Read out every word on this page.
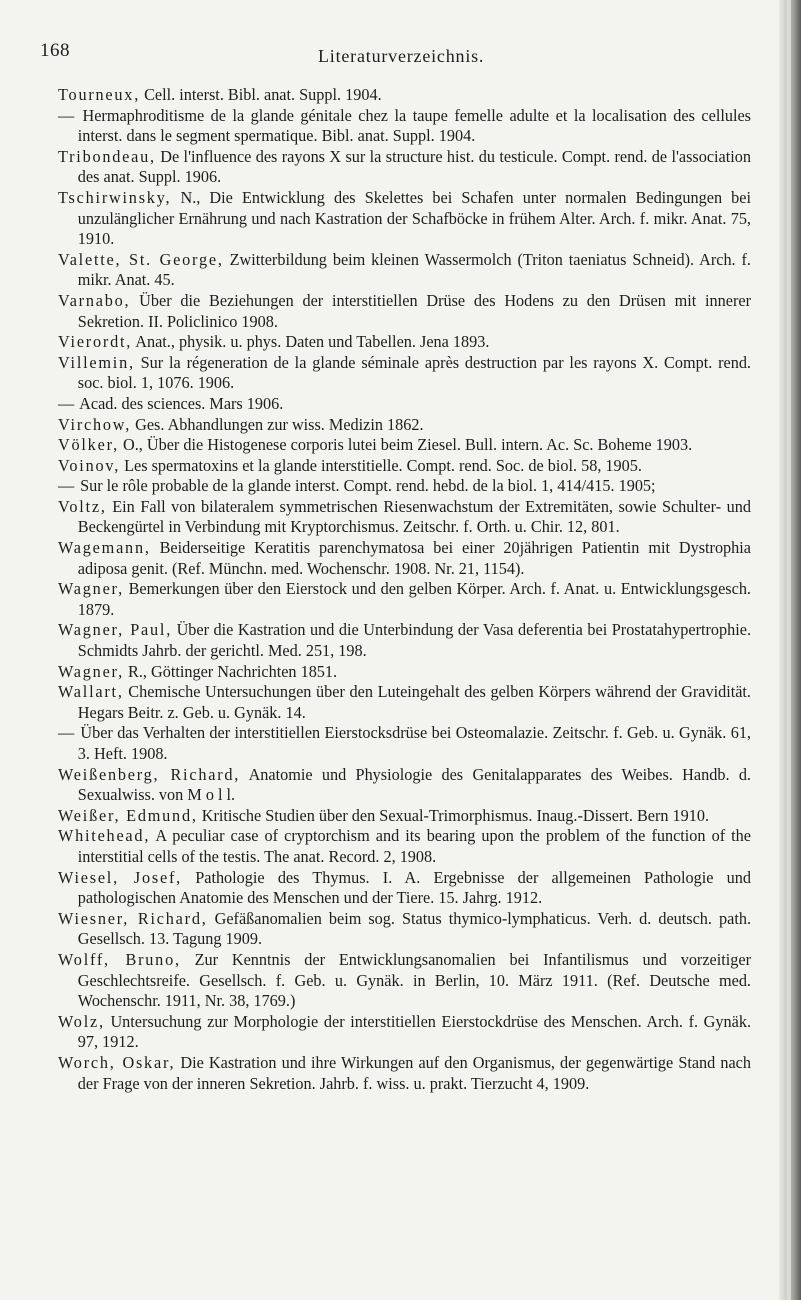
168	Literaturverzeichnis.

Tourneux, Cell. interst. Bibl. anat. Suppl. 1904.

— Hermaphroditisme de la glande génitale chez la taupe femelle adulte et la localisation des cellules interst. dans le segment spermatique. Bibl. anat. Suppl. 1904.

Tribondeau, De l'influence des rayons X sur la structure hist. du testicule. Compt. rend. de l'association des anat. Suppl. 1906.

Tschirwinsky, N., Die Entwicklung des Skelettes bei Schafen unter normalen Bedingungen bei unzulänglicher Ernährung und nach Kastration der Schafböcke in frühem Alter. Arch. f. mikr. Anat. 75, 1910.

Valette, St. George, Zwitterbildung beim kleinen Wassermolch (Triton taeniatus Schneid). Arch. f. mikr. Anat. 45.

Varnabo, Über die Beziehungen der interstitiellen Drüse des Hodens zu den Drüsen mit innerer Sekretion. II. Policlinico 1908.

Vierordt, Anat., physik. u. phys. Daten und Tabellen. Jena 1893.

Villemin, Sur la régeneration de la glande séminale après destruction par les rayons X. Compt. rend. soc. biol. 1, 1076. 1906.

— Acad. des sciences. Mars 1906.

Virchow, Ges. Abhandlungen zur wiss. Medizin 1862.

Völker, O., Über die Histogenese corporis lutei beim Ziesel. Bull. intern. Ac. Sc. Boheme 1903.

Voinov, Les spermatoxins et la glande interstitielle. Compt. rend. Soc. de biol. 58, 1905.

— Sur le rôle probable de la glande interst. Compt. rend. hebd. de la biol. 1, 414/415. 1905;

Voltz, Ein Fall von bilateralem symmetrischen Riesenwachstum der Extremitäten, sowie Schulter- und Beckengürtel in Verbindung mit Kryptorchismus. Zeitschr. f. Orth. u. Chir. 12, 801.

Wagemann, Beiderseitige Keratitis parenchymatosa bei einer 20jährigen Patientin mit Dystrophia adiposa genit. (Ref. Münchn. med. Wochenschr. 1908. Nr. 21, 1154).

Wagner, Bemerkungen über den Eierstock und den gelben Körper. Arch. f. Anat. u. Entwicklungsgesch. 1879.

Wagner, Paul, Über die Kastration und die Unterbindung der Vasa deferentia bei Prostatahypertrophie. Schmidts Jahrb. der gerichtl. Med. 251, 198.

Wagner, R., Göttinger Nachrichten 1851.

Wallart, Chemische Untersuchungen über den Luteingehalt des gelben Körpers während der Gravidität. Hegars Beitr. z. Geb. u. Gynäk. 14.

— Über das Verhalten der interstitiellen Eierstocksdrüse bei Osteomalazie. Zeitschr. f. Geb. u. Gynäk. 61, 3. Heft. 1908.

Weißenberg, Richard, Anatomie und Physiologie des Genitalapparates des Weibes. Handb. d. Sexualwiss. von M o l l.

Weißer, Edmund, Kritische Studien über den Sexual-Trimorphismus. Inaug.-Dissert. Bern 1910.

Whitehead, A peculiar case of cryptorchism and its bearing upon the problem of the function of the interstitial cells of the testis. The anat. Record. 2, 1908.

Wiesel, Josef, Pathologie des Thymus. I. A. Ergebnisse der allgemeinen Pathologie und pathologischen Anatomie des Menschen und der Tiere. 15. Jahrg. 1912.

Wiesner, Richard, Gefäßanomalien beim sog. Status thymico-lymphaticus. Verh. d. deutsch. path. Gesellsch. 13. Tagung 1909.

Wolff, Bruno, Zur Kenntnis der Entwicklungsanomalien bei Infantilismus und vorzeitiger Geschlechtsreife. Gesellsch. f. Geb. u. Gynäk. in Berlin, 10. März 1911. (Ref. Deutsche med. Wochenschr. 1911, Nr. 38, 1769.)

Wolz, Untersuchung zur Morphologie der interstitiellen Eierstockdrüse des Menschen. Arch. f. Gynäk. 97, 1912.

Worch, Oskar, Die Kastration und ihre Wirkungen auf den Organismus, der gegenwärtige Stand nach der Frage von der inneren Sekretion. Jahrb. f. wiss. u. prakt. Tierzucht 4, 1909.
